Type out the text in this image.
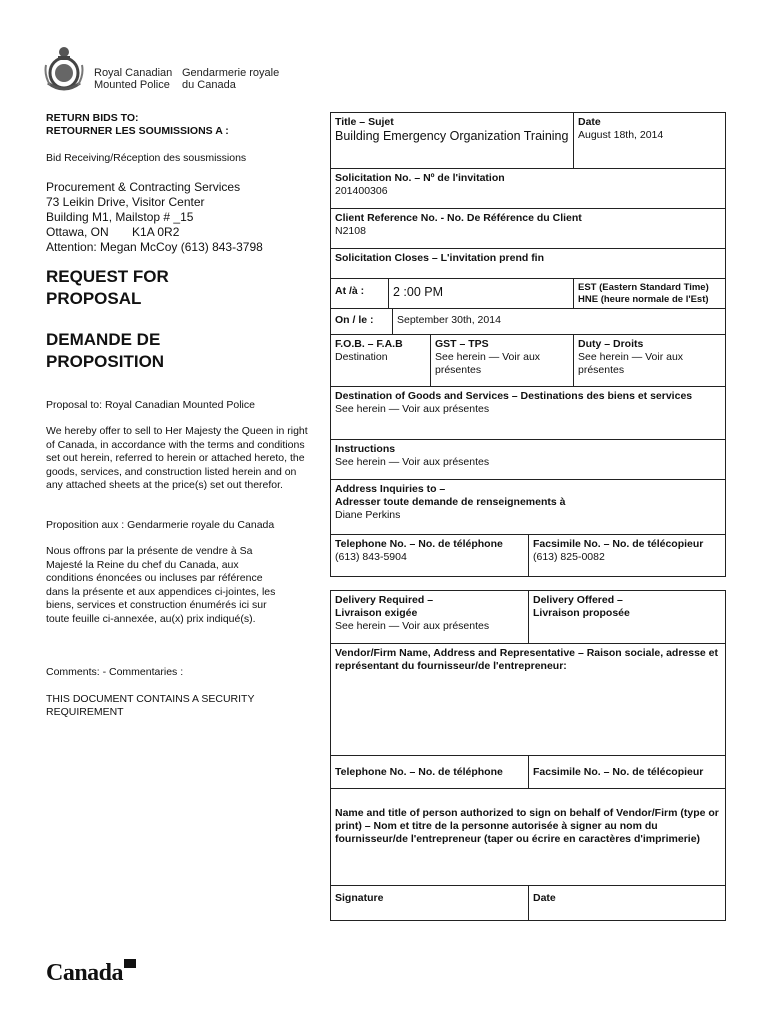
Royal Canadian Gendarmerie royale
Mounted Police du Canada
RETURN BIDS TO:
RETOURNER LES SOUMISSIONS A :
Bid Receiving/Réception des sousmissions
Procurement & Contracting Services
73 Leikin Drive, Visitor Center
Building M1, Mailstop # _15
Ottawa, ON       K1A 0R2
Attention: Megan McCoy (613) 843-3798
REQUEST FOR
PROPOSAL
DEMANDE DE
PROPOSITION
Proposal to: Royal Canadian Mounted Police
We hereby offer to sell to Her Majesty the Queen in right of Canada, in accordance with the terms and conditions set out herein, referred to herein or attached hereto, the goods, services, and construction listed herein and on any attached sheets at the price(s) set out therefor.
Proposition aux : Gendarmerie royale du Canada
Nous offrons par la présente de vendre à Sa Majesté la Reine du chef du Canada, aux conditions énoncées ou incluses par référence dans la présente et aux appendices ci-jointes, les biens, services et construction énumérés ici sur toute feuille ci-annexée, au(x) prix indiqué(s).
Comments: - Commentaries :
THIS DOCUMENT CONTAINS A SECURITY REQUIREMENT
Title – Sujet
Building Emergency Organization Training
Date
August 18th, 2014
Solicitation No. – Nº de l'invitation
201400306
Client Reference No. - No. De Référence du Client
N2108
Solicitation Closes – L'invitation prend fin
At /à :	2 :00 PM	EST (Eastern Standard Time)
HNE (heure normale de l'Est)
On / le :	September 30th, 2014
F.O.B. – F.A.B
Destination
GST – TPS
See herein — Voir aux présentes
Duty – Droits
See herein — Voir aux présentes
Destination of Goods and Services – Destinations des biens et services
See herein — Voir aux présentes
Instructions
See herein — Voir aux présentes
Address Inquiries to –
Adresser toute demande de renseignements à
Diane Perkins
Telephone No. – No. de téléphone
(613) 843-5904
Facsimile No. – No. de télécopieur
(613) 825-0082
Delivery Required – Livraison exigée
See herein — Voir aux présentes
Delivery Offered – Livraison proposée
Vendor/Firm Name, Address and Representative – Raison sociale, adresse et représentant du fournisseur/de l'entrepreneur:
Telephone No. – No. de téléphone	Facsimile No. – No. de télécopieur
Name and title of person authorized to sign on behalf of Vendor/Firm (type or print) – Nom et titre de la personne autorisée à signer au nom du fournisseur/de l'entrepreneur (taper ou écrire en caractères d'imprimerie)
Signature	Date
Canada
